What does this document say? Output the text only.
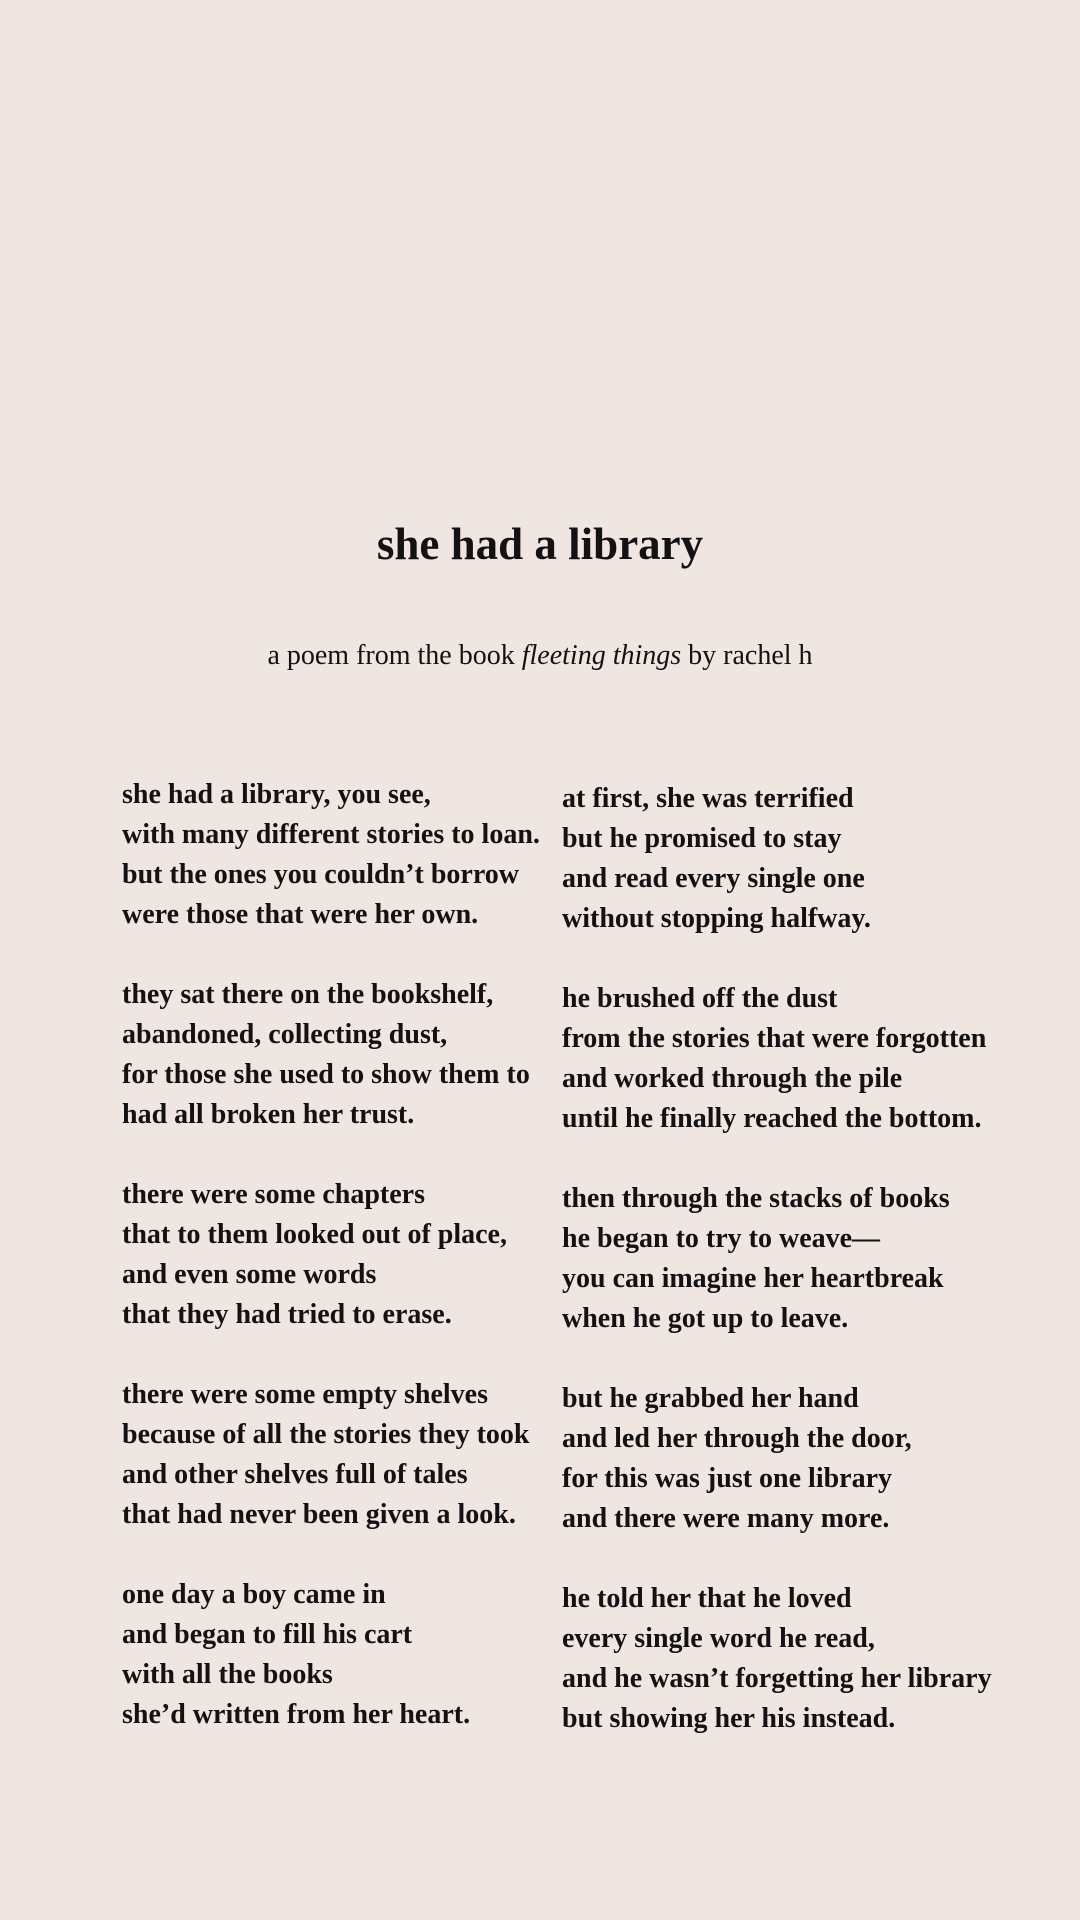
she had a library

a poem from the book fleeting things by rachel h

she had a library, you see,
with many different stories to loan.
but the ones you couldn’t borrow
were those that were her own.
they sat there on the bookshelf,
abandoned, collecting dust,
for those she used to show them to
had all broken her trust.
there were some chapters
that to them looked out of place,
and even some words
that they had tried to erase.
there were some empty shelves
because of all the stories they took
and other shelves full of tales
that had never been given a look.
one day a boy came in
and began to fill his cart
with all the books
she’d written from her heart.
at first, she was terrified
but he promised to stay
and read every single one
without stopping halfway.
he brushed off the dust
from the stories that were forgotten
and worked through the pile
until he finally reached the bottom.
then through the stacks of books
he began to try to weave—
you can imagine her heartbreak
when he got up to leave.
but he grabbed her hand
and led her through the door,
for this was just one library
and there were many more.
he told her that he loved
every single word he read,
and he wasn’t forgetting her library
but showing her his instead.
